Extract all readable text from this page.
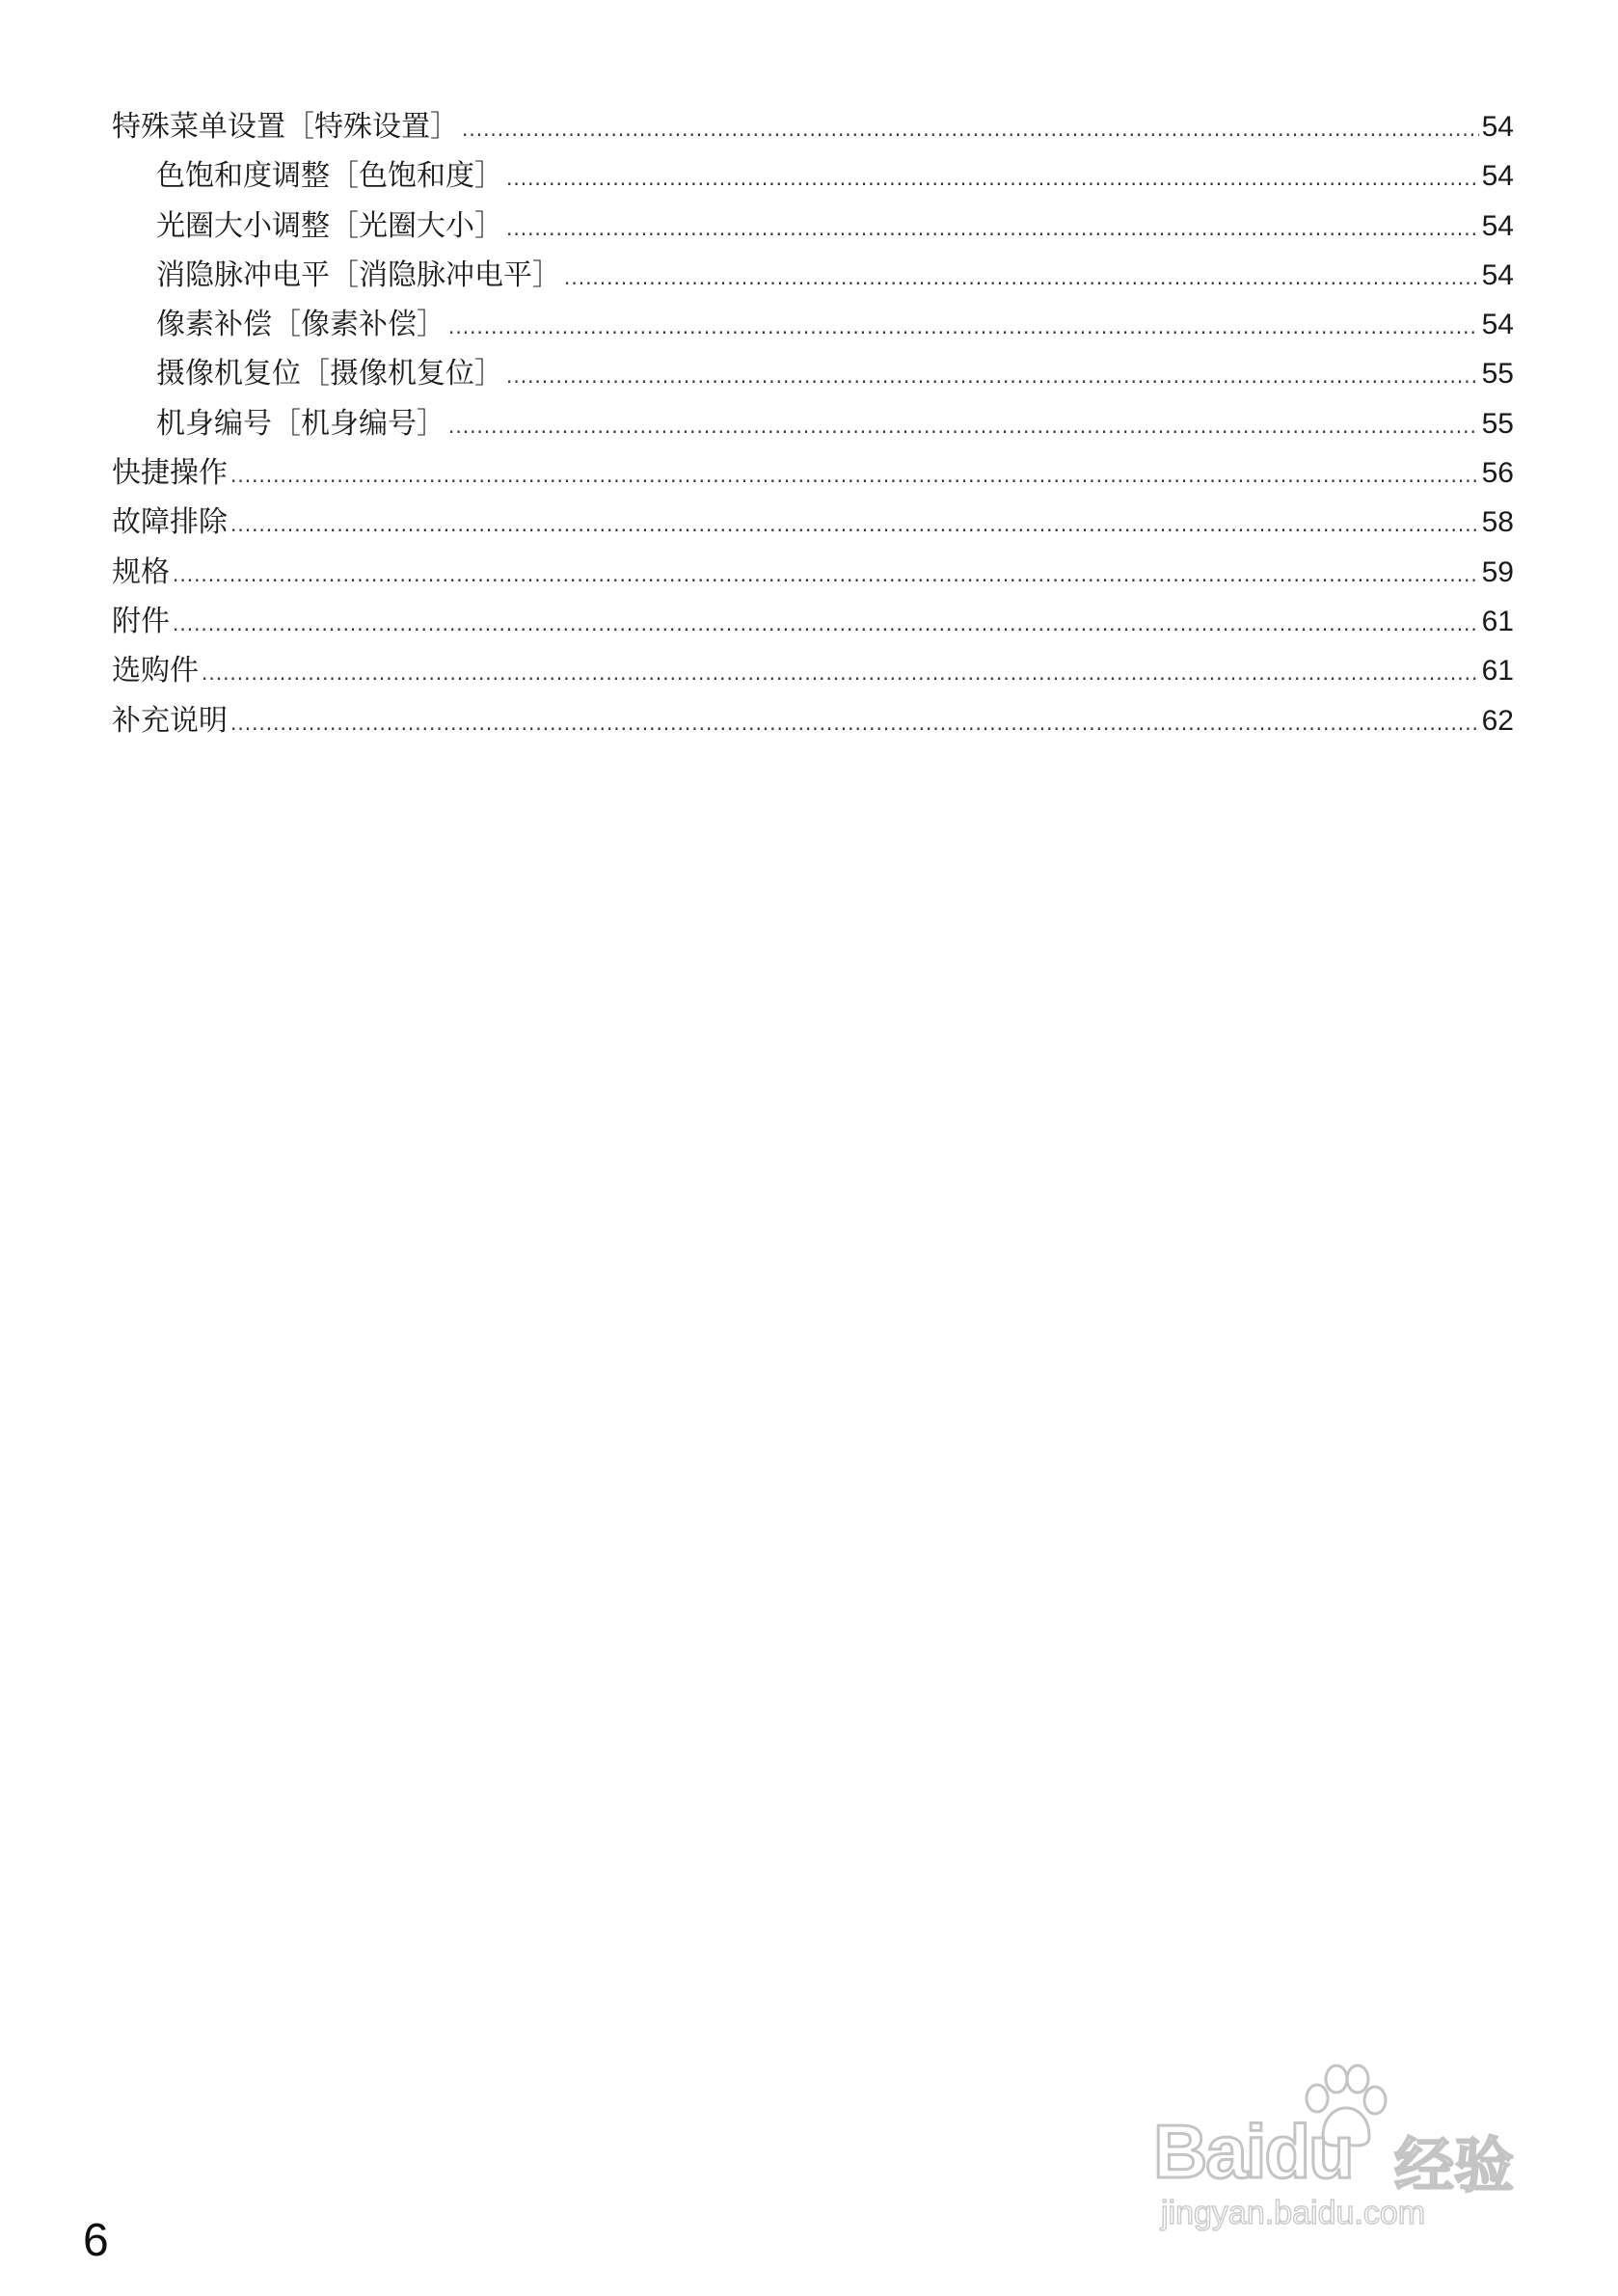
特殊菜单设置［特殊设置］ .....	54
色饱和度调整［色饱和度］ .....	54
光圈大小调整［光圈大小］ .....	54
消隐脉冲电平［消隐脉冲电平］ .....	54
像素补偿［像素补偿］ .....	54
摄像机复位［摄像机复位］ .....	55
机身编号［机身编号］ .....	55
快捷操作 .....	56
故障排除 .....	58
规格 .....	59
附件 .....	61
选购件 .....	61
补充说明 .....	62
6
Baidu 经验
jingyan.baidu.com
